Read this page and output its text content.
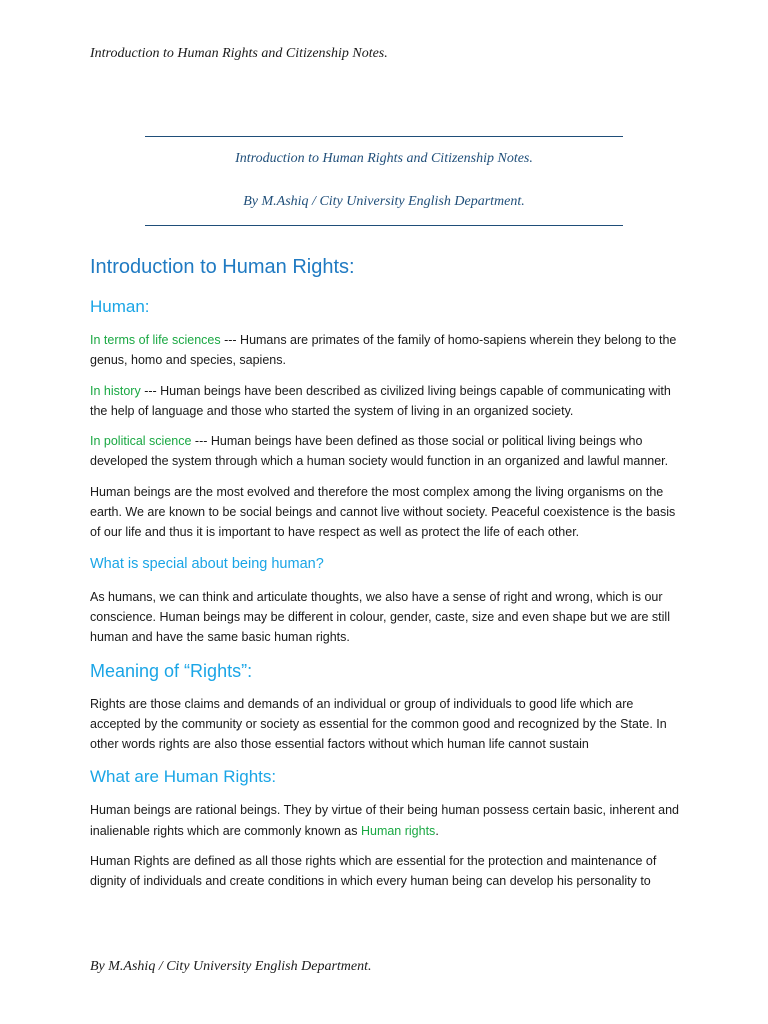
Introduction to Human Rights and Citizenship Notes.
Introduction to Human Rights and Citizenship Notes.
By M.Ashiq / City University English Department.
Introduction to Human Rights:
Human:

In terms of life sciences --- Humans are primates of the family of homo-sapiens wherein they belong to the genus, homo and species, sapiens.

In history --- Human beings have been described as civilized living beings capable of communicating with the help of language and those who started the system of living in an organized society.

In political science --- Human beings have been defined as those social or political living beings who developed the system through which a human society would function in an organized and lawful manner.

Human beings are the most evolved and therefore the most complex among the living organisms on the earth. We are known to be social beings and cannot live without society. Peaceful coexistence is the basis of our life and thus it is important to have respect as well as protect the life of each other.

What is special about being human?

As humans, we can think and articulate thoughts, we also have a sense of right and wrong, which is our conscience. Human beings may be different in colour, gender, caste, size and even shape but we are still human and have the same basic human rights.

Meaning of “Rights”:

Rights are those claims and demands of an individual or group of individuals to good life which are accepted by the community or society as essential for the common good and recognized by the State. In other words rights are also those essential factors without which human life cannot sustain

What are Human Rights:

Human beings are rational beings. They by virtue of their being human possess certain basic, inherent and inalienable rights which are commonly known as Human rights.

Human Rights are defined as all those rights which are essential for the protection and maintenance of dignity of individuals and create conditions in which every human being can develop his personality to

By M.Ashiq / City University English Department.
